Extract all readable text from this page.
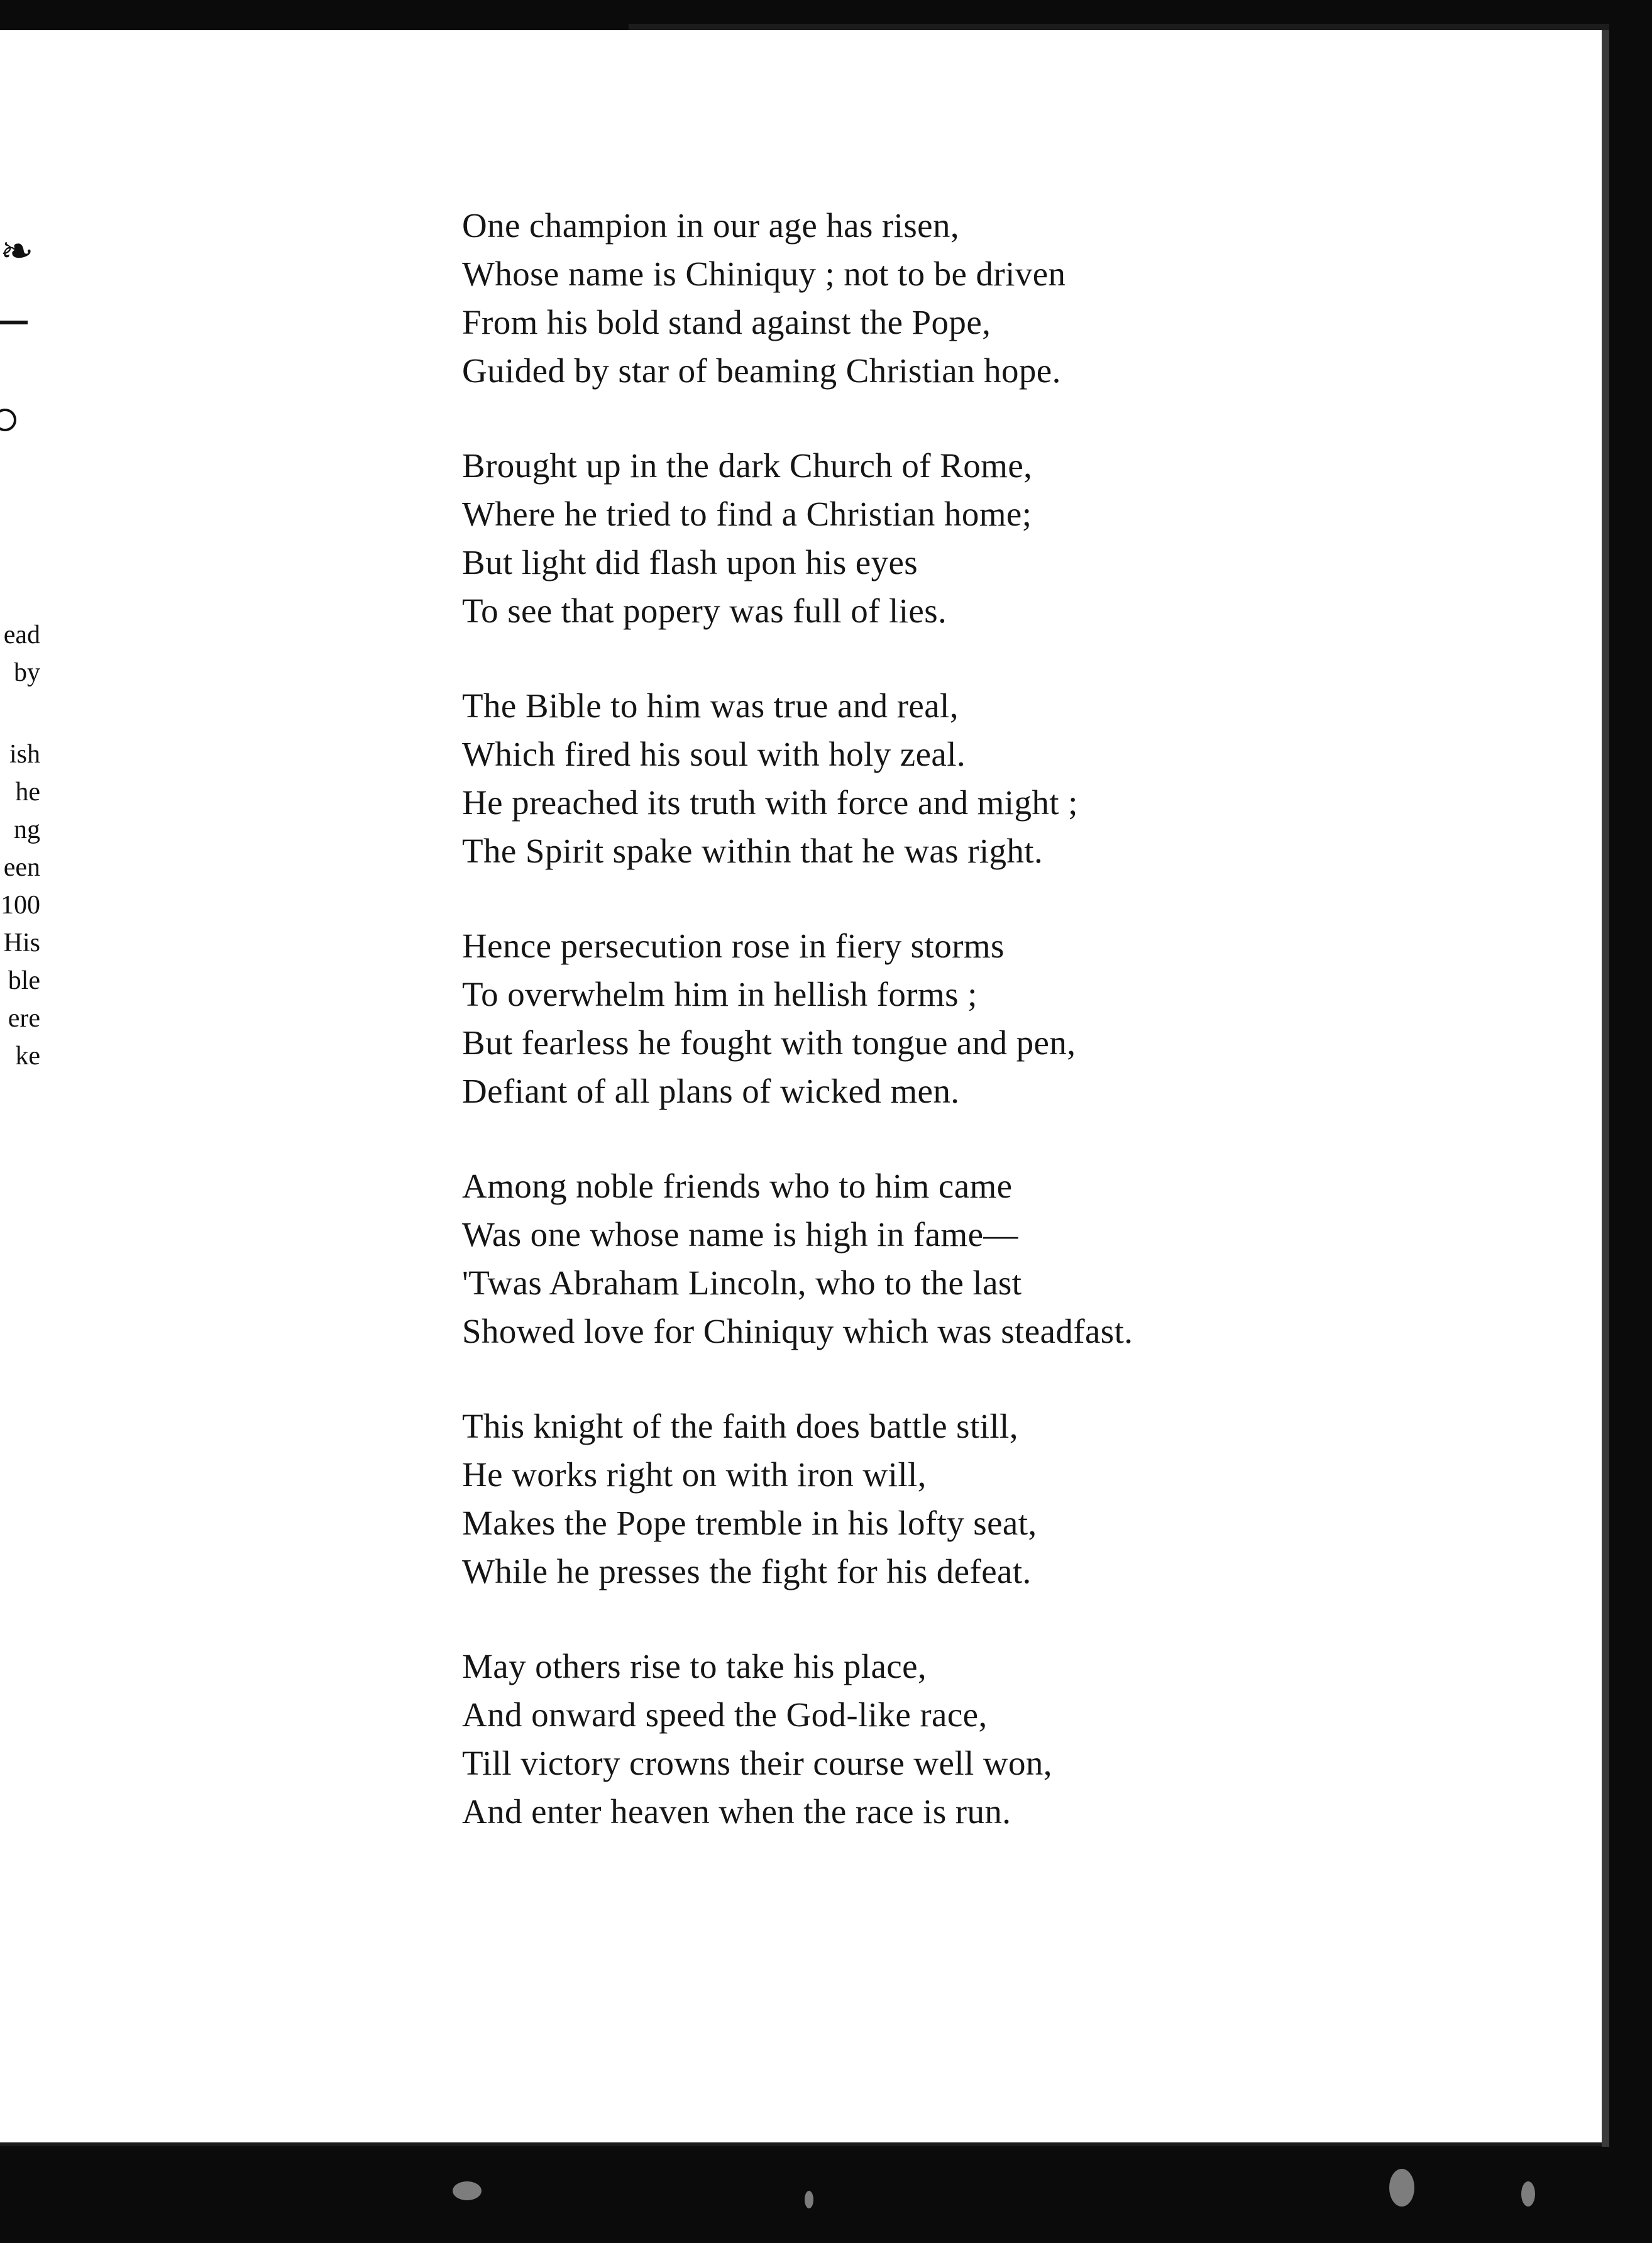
❧
ead
by
ish
he
ng
een
100
His
ble
ere
ke
One champion in our age has risen,
Whose name is Chiniquy ; not to be driven
From his bold stand against the Pope,
Guided by star of beaming Christian hope.
Brought up in the dark Church of Rome,
Where he tried to find a Christian home;
But light did flash upon his eyes
To see that popery was full of lies.
The Bible to him was true and real,
Which fired his soul with holy zeal.
He preached its truth with force and might ;
The Spirit spake within that he was right.
Hence persecution rose in fiery storms
To overwhelm him in hellish forms ;
But fearless he fought with tongue and pen,
Defiant of all plans of wicked men.
Among noble friends who to him came
Was one whose name is high in fame—
'Twas Abraham Lincoln, who to the last
Showed love for Chiniquy which was steadfast.
This knight of the faith does battle still,
He works right on with iron will,
Makes the Pope tremble in his lofty seat,
While he presses the fight for his defeat.
May others rise to take his place,
And onward speed the God-like race,
Till victory crowns their course well won,
And enter heaven when the race is run.
